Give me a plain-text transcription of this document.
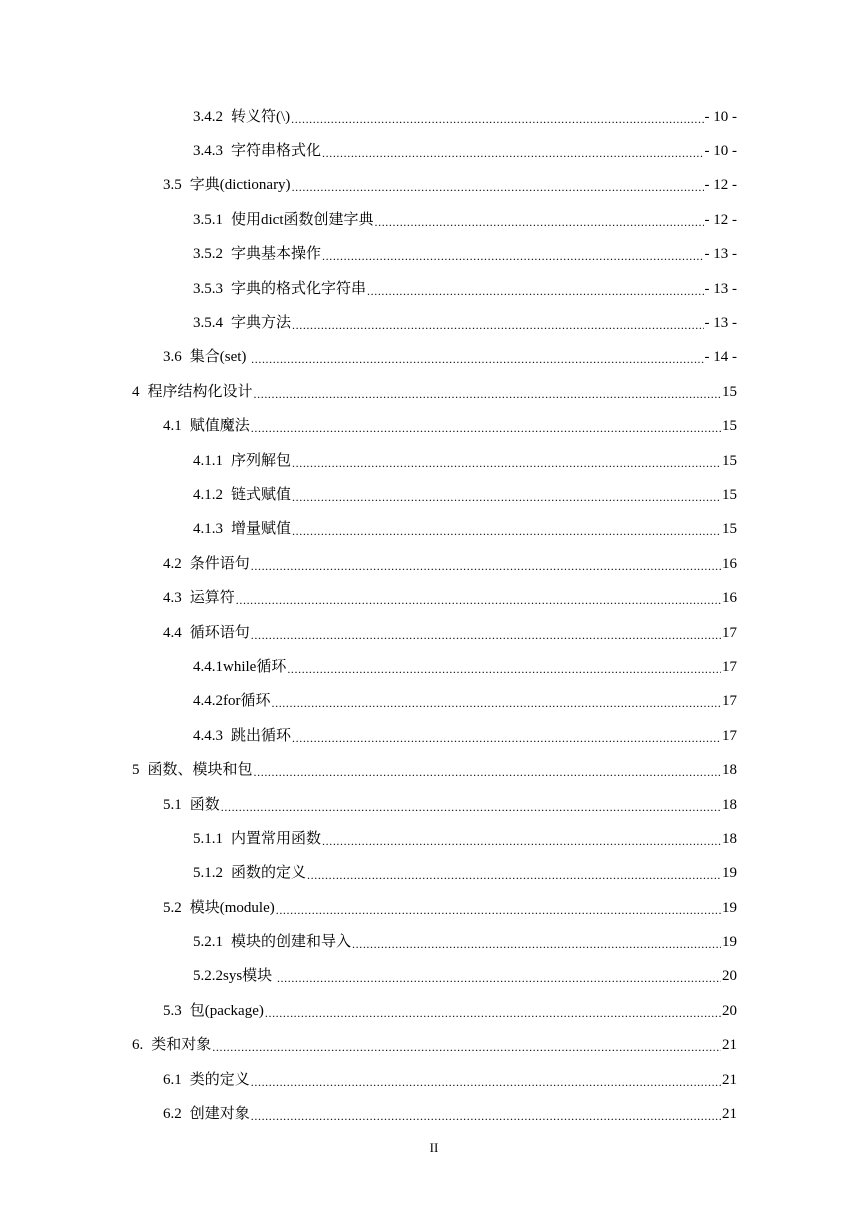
3.4.2 转义符(\) .....	- 10 -
3.4.3 字符串格式化 .....	- 10 -
3.5 字典(dictionary) .....	- 12 -
3.5.1 使用dict函数创建字典 .....	- 12 -
3.5.2 字典基本操作 .....	- 13 -
3.5.3 字典的格式化字符串 .....	- 13 -
3.5.4 字典方法 .....	- 13 -
3.6 集合(set) .....	- 14 -
4 程序结构化设计 .....	15
4.1 赋值魔法 .....	15
4.1.1 序列解包 .....	15
4.1.2 链式赋值 .....	15
4.1.3 增量赋值 .....	15
4.2 条件语句 .....	16
4.3 运算符 .....	16
4.4 循环语句 .....	17
4.4.1 while循环 .....	17
4.4.2 for循环 .....	17
4.4.3 跳出循环 .....	17
5 函数、模块和包 .....	18
5.1 函数 .....	18
5.1.1 内置常用函数 .....	18
5.1.2 函数的定义 .....	19
5.2 模块(module) .....	19
5.2.1 模块的创建和导入 .....	19
5.2.2 sys模块 .....	20
5.3 包(package) .....	20
6. 类和对象 .....	21
6.1 类的定义 .....	21
6.2 创建对象 .....	21
II
